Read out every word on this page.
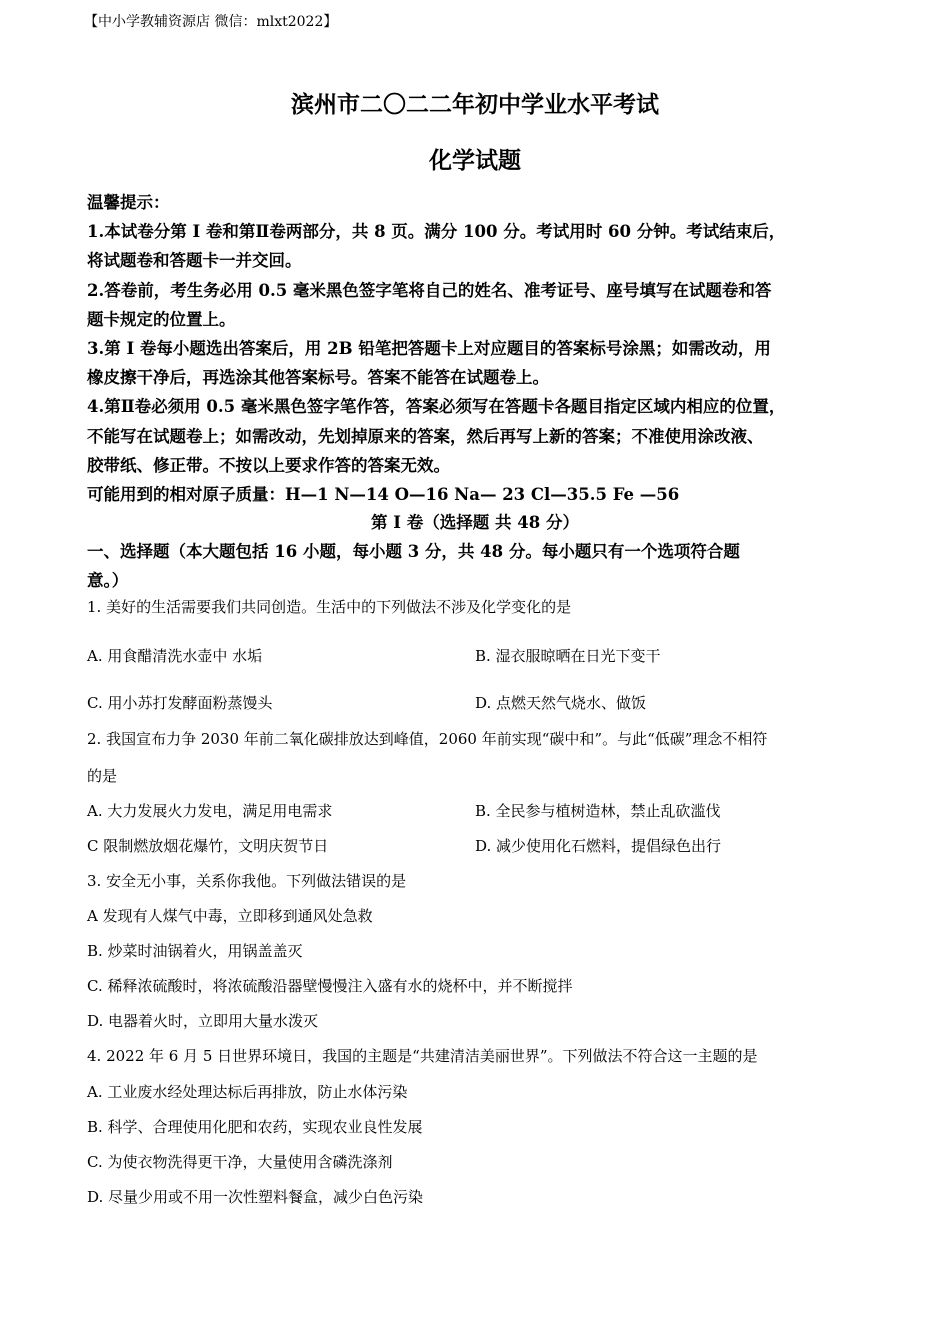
【中小学教辅资源店 微信：mlxt2022】
滨州市二〇二二年初中学业水平考试
化学试题
温馨提示：
1.本试卷分第 I 卷和第Ⅱ卷两部分，共 8 页。满分 100 分。考试用时 60 分钟。考试结束后，
将试题卷和答题卡一并交回。
2.答卷前，考生务必用 0.5 毫米黑色签字笔将自己的姓名、准考证号、座号填写在试题卷和答
题卡规定的位置上。
3.第 I 卷每小题选出答案后，用 2B 铅笔把答题卡上对应题目的答案标号涂黑；如需改动，用
橡皮擦干净后，再选涂其他答案标号。答案不能答在试题卷上。
4.第Ⅱ卷必须用 0.5 毫米黑色签字笔作答，答案必须写在答题卡各题目指定区域内相应的位置，
不能写在试题卷上；如需改动，先划掉原来的答案，然后再写上新的答案；不准使用涂改液、
胶带纸、修正带。不按以上要求作答的答案无效。
可能用到的相对原子质量：H—1 N—14 O—16 Na— 23 Cl—35.5 Fe —56
第 I 卷（选择题 共 48 分）
一、选择题（本大题包括 16 小题，每小题 3 分，共 48 分。每小题只有一个选项符合题
意。）
1. 美好的生活需要我们共同创造。生活中的下列做法不涉及化学变化的是
A. 用食醋清洗水壶中 水垢	B. 湿衣服晾晒在日光下变干
C. 用小苏打发酵面粉蒸馒头	D. 点燃天然气烧水、做饭
2. 我国宣布力争 2030 年前二氧化碳排放达到峰值，2060 年前实现“碳中和”。与此“低碳”理念不相符
的是
A. 大力发展火力发电，满足用电需求	B. 全民参与植树造林，禁止乱砍滥伐
C 限制燃放烟花爆竹，文明庆贺节日	D. 减少使用化石燃料，提倡绿色出行
3. 安全无小事，关系你我他。下列做法错误的是
A 发现有人煤气中毒，立即移到通风处急救
B. 炒菜时油锅着火，用锅盖盖灭
C. 稀释浓硫酸时，将浓硫酸沿器壁慢慢注入盛有水的烧杯中，并不断搅拌
D. 电器着火时，立即用大量水泼灭
4. 2022 年 6 月 5 日世界环境日，我国的主题是“共建清洁美丽世界”。下列做法不符合这一主题的是
A. 工业废水经处理达标后再排放，防止水体污染
B. 科学、合理使用化肥和农药，实现农业良性发展
C. 为使衣物洗得更干净，大量使用含磷洗涤剂
D. 尽量少用或不用一次性塑料餐盒，减少白色污染
